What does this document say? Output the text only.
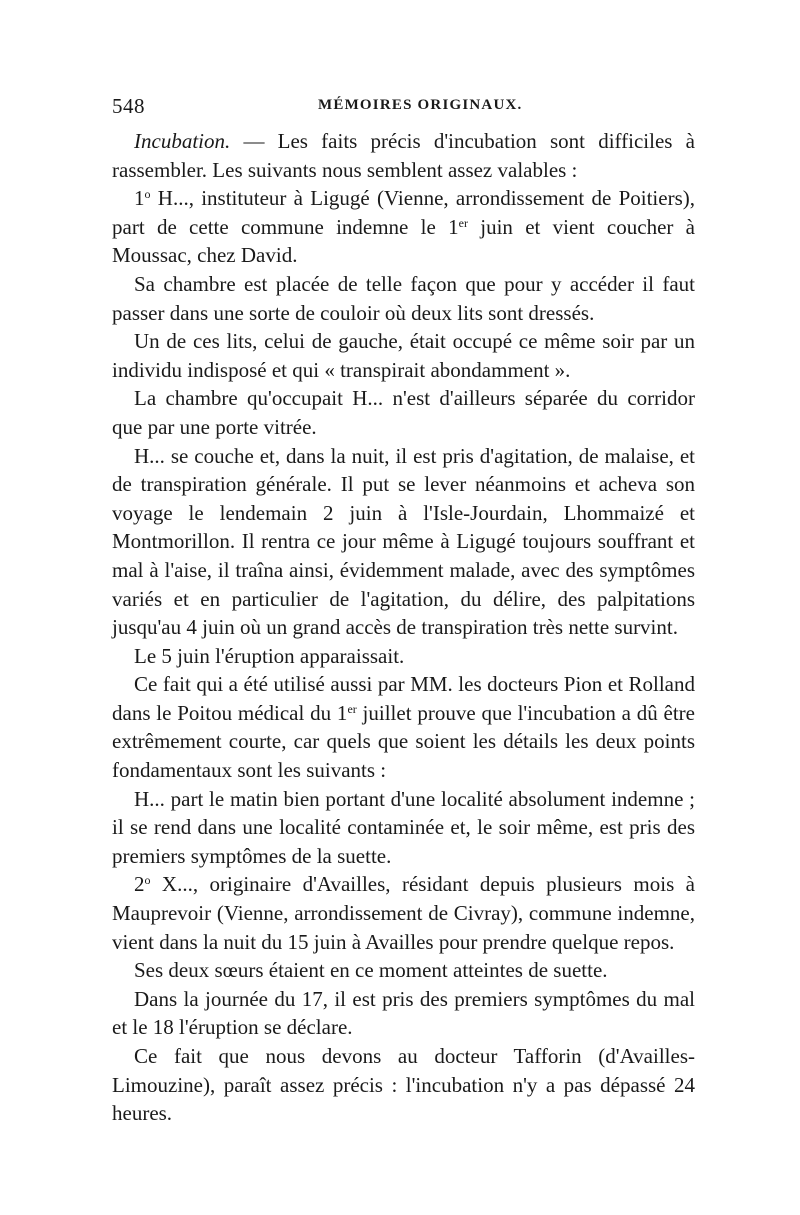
548	MÉMOIRES ORIGINAUX.

Incubation. — Les faits précis d'incubation sont difficiles à rassembler. Les suivants nous semblent assez valables :

1$^o$ H..., instituteur à Ligugé (Vienne, arrondissement de Poitiers), part de cette commune indemne le 1er juin et vient coucher à Moussac, chez David.

Sa chambre est placée de telle façon que pour y accéder il faut passer dans une sorte de couloir où deux lits sont dressés.

Un de ces lits, celui de gauche, était occupé ce même soir par un individu indisposé et qui « transpirait abondamment ».

La chambre qu'occupait H... n'est d'ailleurs séparée du corridor que par une porte vitrée.

H... se couche et, dans la nuit, il est pris d'agitation, de malaise, et de transpiration générale. Il put se lever néanmoins et acheva son voyage le lendemain 2 juin à l'Isle-Jourdain, Lhommaizé et Montmorillon. Il rentra ce jour même à Ligugé toujours souffrant et mal à l'aise, il traîna ainsi, évidemment malade, avec des symptômes variés et en particulier de l'agitation, du délire, des palpitations jusqu'au 4 juin où un grand accès de transpiration très nette survint.

Le 5 juin l'éruption apparaissait.

Ce fait qui a été utilisé aussi par MM. les docteurs Pion et Rolland dans le Poitou médical du 1er juillet prouve que l'incubation a dû être extrêmement courte, car quels que soient les détails les deux points fondamentaux sont les suivants :

H... part le matin bien portant d'une localité absolument indemne ; il se rend dans une localité contaminée et, le soir même, est pris des premiers symptômes de la suette.

2$^o$ X..., originaire d'Availles, résidant depuis plusieurs mois à Mauprevoir (Vienne, arrondissement de Civray), commune indemne, vient dans la nuit du 15 juin à Availles pour prendre quelque repos.

Ses deux sœurs étaient en ce moment atteintes de suette.

Dans la journée du 17, il est pris des premiers symptômes du mal et le 18 l'éruption se déclare.

Ce fait que nous devons au docteur Tafforin (d'Availles-Limouzine), paraît assez précis : l'incubation n'y a pas dépassé 24 heures.
